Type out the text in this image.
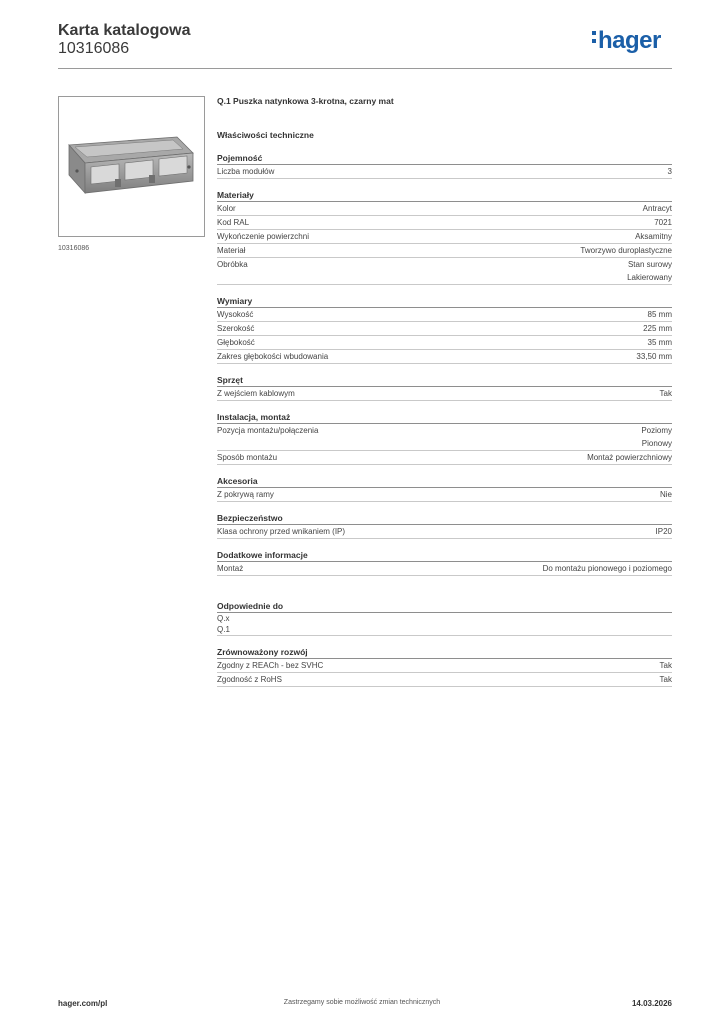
Karta katalogowa
10316086	hager
10316086
Q.1 Puszka natynkowa 3-krotna, czarny mat
Właściwości techniczne
Pojemność
Liczba modułów	3
Materiały
Kolor	Antracyt
Kod RAL	7021
Wykończenie powierzchni	Aksamitny
Materiał	Tworzywo duroplastyczne
Obróbka	Stan surowy
Lakierowany
Wymiary
Wysokość	85 mm
Szerokość	225 mm
Głębokość	35 mm
Zakres głębokości wbudowania	33,50 mm
Sprzęt
Z wejściem kablowym	Tak
Instalacja, montaż
Pozycja montażu/połączenia	Poziomy
Pionowy
Sposób montażu	Montaż powierzchniowy
Akcesoria
Z pokrywą ramy	Nie
Bezpieczeństwo
Klasa ochrony przed wnikaniem (IP)	IP20
Dodatkowe informacje
Montaż	Do montażu pionowego i poziomego
Odpowiednie do
Q.x
Q.1
Zrównoważony rozwój
Zgodny z REACh - bez SVHC	Tak
Zgodność z RoHS	Tak
hager.com/pl	Zastrzegamy sobie możliwość zmian technicznych	14.03.2026
